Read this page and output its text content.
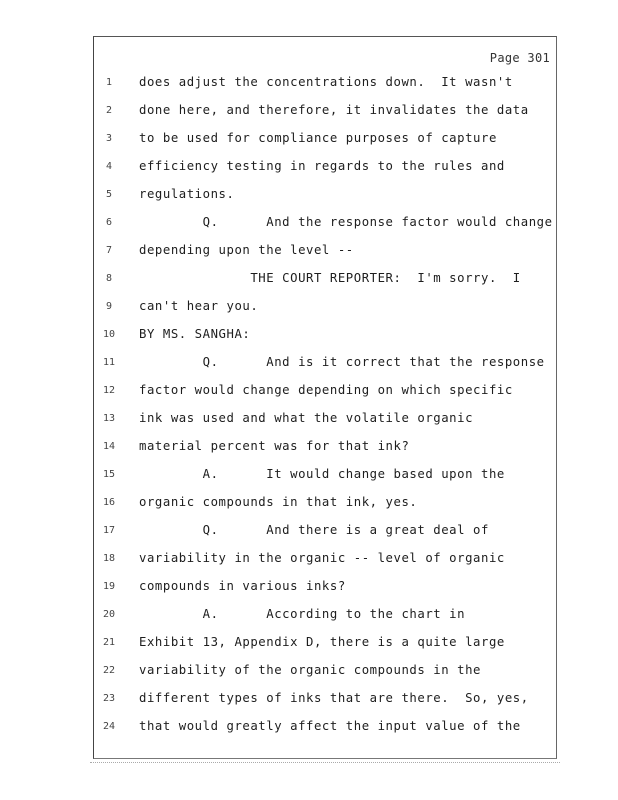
Page 301
1	does adjust the concentrations down.  It wasn't
2	done here, and therefore, it invalidates the data
3	to be used for compliance purposes of capture
4	efficiency testing in regards to the rules and
5	regulations.
6	Q.      And the response factor would change
7	depending upon the level --
8	THE COURT REPORTER:  I'm sorry.  I
9	can't hear you.
10	BY MS. SANGHA:
11	Q.      And is it correct that the response
12	factor would change depending on which specific
13	ink was used and what the volatile organic
14	material percent was for that ink?
15	A.      It would change based upon the
16	organic compounds in that ink, yes.
17	Q.      And there is a great deal of
18	variability in the organic -- level of organic
19	compounds in various inks?
20	A.      According to the chart in
21	Exhibit 13, Appendix D, there is a quite large
22	variability of the organic compounds in the
23	different types of inks that are there.  So, yes,
24	that would greatly affect the input value of the
